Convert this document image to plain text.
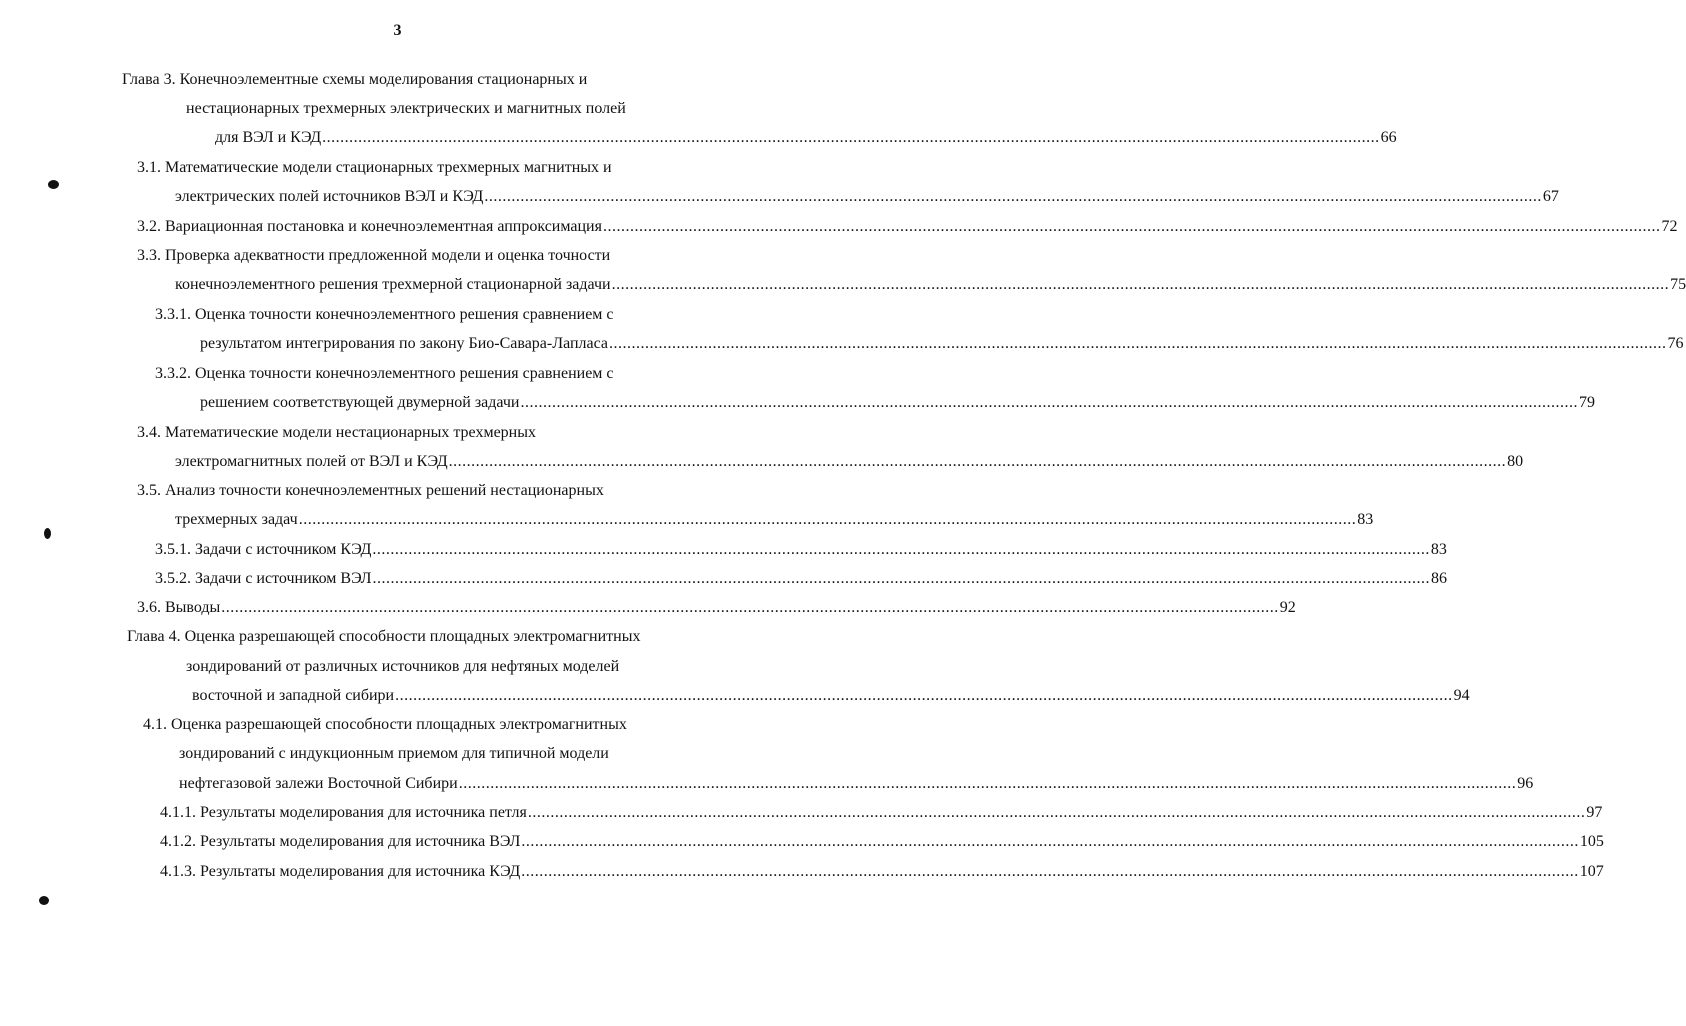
3
Глава 3. Конечноэлементные схемы моделирования стационарных и
нестационарных трехмерных электрических и магнитных полей
для ВЭЛ и КЭД ........................................................................................................................................................................................................................................... 66
3.1. Математические модели стационарных трехмерных магнитных и
электрических полей источников ВЭЛ и КЭД ........................................................................................................................................................................................................................................... 67
3.2. Вариационная постановка и конечноэлементная аппроксимация ........................................................................................................................................................................................................................................... 72
3.3. Проверка адекватности предложенной модели и оценка точности
конечноэлементного решения трехмерной стационарной задачи ........................................................................................................................................................................................................................................... 75
3.3.1. Оценка точности конечноэлементного решения сравнением с
результатом интегрирования по закону Био-Савара-Лапласа ........................................................................................................................................................................................................................................... 76
3.3.2. Оценка точности конечноэлементного решения сравнением с
решением соответствующей двумерной задачи ........................................................................................................................................................................................................................................... 79
3.4. Математические модели нестационарных трехмерных
электромагнитных полей от ВЭЛ и КЭД ........................................................................................................................................................................................................................................... 80
3.5. Анализ точности конечноэлементных решений нестационарных
трехмерных задач ........................................................................................................................................................................................................................................... 83
3.5.1. Задачи с источником КЭД ........................................................................................................................................................................................................................................... 83
3.5.2. Задачи с источником ВЭЛ ........................................................................................................................................................................................................................................... 86
3.6. Выводы ........................................................................................................................................................................................................................................... 92
Глава 4. Оценка разрешающей способности площадных электромагнитных
зондирований от различных источников для нефтяных моделей
восточной и западной сибири ........................................................................................................................................................................................................................................... 94
4.1. Оценка разрешающей способности площадных электромагнитных
зондирований с индукционным приемом для типичной модели
нефтегазовой залежи Восточной Сибири ........................................................................................................................................................................................................................................... 96
4.1.1. Результаты моделирования для источника петля ........................................................................................................................................................................................................................................... 97
4.1.2. Результаты моделирования для источника ВЭЛ ........................................................................................................................................................................................................................................... 105
4.1.3. Результаты моделирования для источника КЭД ........................................................................................................................................................................................................................................... 107
